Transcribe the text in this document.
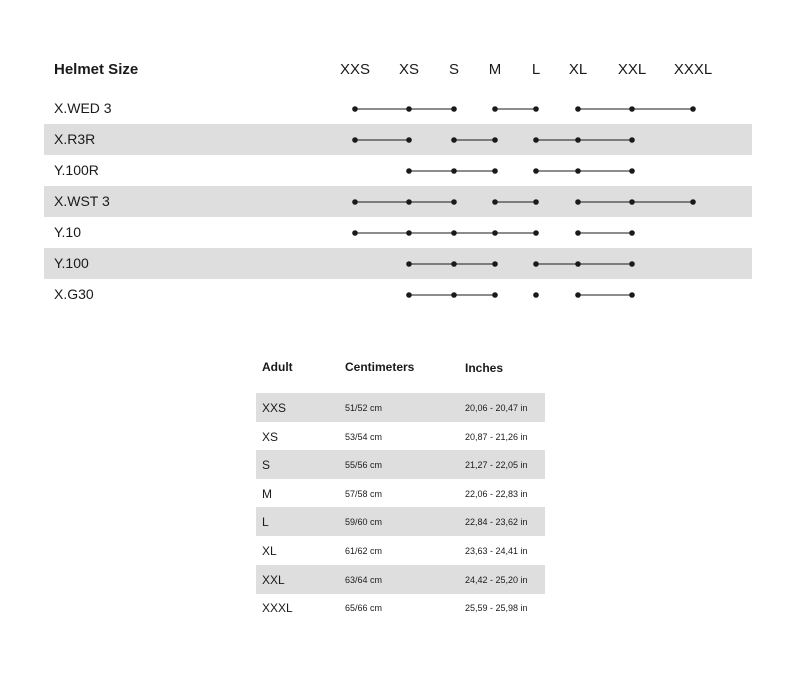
Helmet Size	XXS XS S M L XL XXL XXXL
X.WED 3
X.R3R
Y.100R
X.WST 3
Y.10
Y.100
X.G30
Adult	Centimeters	Inches
XXS	51/52 cm	20,06 - 20,47 in
XS	53/54 cm	20,87 - 21,26 in
S	55/56 cm	21,27 - 22,05 in
M	57/58 cm	22,06 - 22,83 in
L	59/60 cm	22,84 - 23,62 in
XL	61/62 cm	23,63 - 24,41 in
XXL	63/64 cm	24,42 - 25,20 in
XXXL	65/66 cm	25,59 - 25,98 in
